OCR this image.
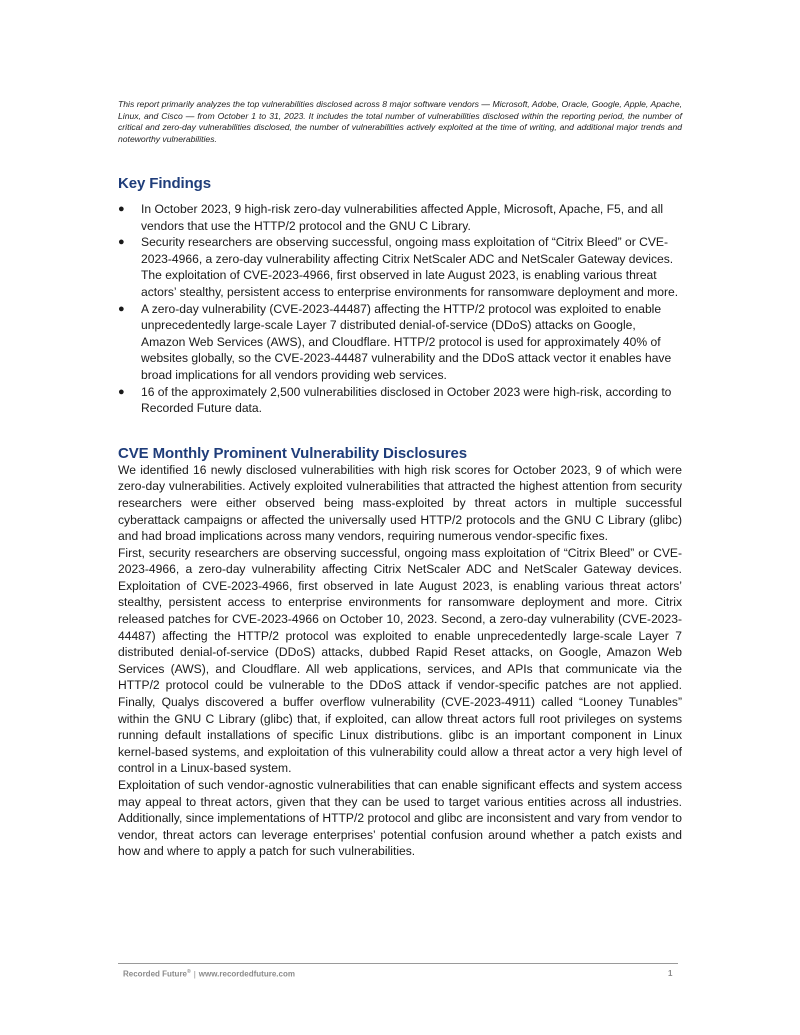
This report primarily analyzes the top vulnerabilities disclosed across 8 major software vendors — Microsoft, Adobe, Oracle, Google, Apple, Apache, Linux, and Cisco — from October 1 to 31, 2023. It includes the total number of vulnerabilities disclosed within the reporting period, the number of critical and zero-day vulnerabilities disclosed, the number of vulnerabilities actively exploited at the time of writing, and additional major trends and noteworthy vulnerabilities.

Key Findings
● In October 2023, 9 high-risk zero-day vulnerabilities affected Apple, Microsoft, Apache, F5, and all vendors that use the HTTP/2 protocol and the GNU C Library.
● Security researchers are observing successful, ongoing mass exploitation of “Citrix Bleed” or CVE-2023-4966, a zero-day vulnerability affecting Citrix NetScaler ADC and NetScaler Gateway devices. The exploitation of CVE-2023-4966, first observed in late August 2023, is enabling various threat actors’ stealthy, persistent access to enterprise environments for ransomware deployment and more.
● A zero-day vulnerability (CVE-2023-44487) affecting the HTTP/2 protocol was exploited to enable unprecedentedly large-scale Layer 7 distributed denial-of-service (DDoS) attacks on Google, Amazon Web Services (AWS), and Cloudflare. HTTP/2 protocol is used for approximately 40% of websites globally, so the CVE-2023-44487 vulnerability and the DDoS attack vector it enables have broad implications for all vendors providing web services.
● 16 of the approximately 2,500 vulnerabilities disclosed in October 2023 were high-risk, according to Recorded Future data.
CVE Monthly Prominent Vulnerability Disclosures

We identified 16 newly disclosed vulnerabilities with high risk scores for October 2023, 9 of which were zero-day vulnerabilities. Actively exploited vulnerabilities that attracted the highest attention from security researchers were either observed being mass-exploited by threat actors in multiple successful cyberattack campaigns or affected the universally used HTTP/2 protocols and the GNU C Library (glibc) and had broad implications across many vendors, requiring numerous vendor-specific fixes.

First, security researchers are observing successful, ongoing mass exploitation of “Citrix Bleed” or CVE-2023-4966, a zero-day vulnerability affecting Citrix NetScaler ADC and NetScaler Gateway devices. Exploitation of CVE-2023-4966, first observed in late August 2023, is enabling various threat actors’ stealthy, persistent access to enterprise environments for ransomware deployment and more. Citrix released patches for CVE-2023-4966 on October 10, 2023. Second, a zero-day vulnerability (CVE-2023-44487) affecting the HTTP/2 protocol was exploited to enable unprecedentedly large-scale Layer 7 distributed denial-of-service (DDoS) attacks, dubbed Rapid Reset attacks, on Google, Amazon Web Services (AWS), and Cloudflare. All web applications, services, and APIs that communicate via the HTTP/2 protocol could be vulnerable to the DDoS attack if vendor-specific patches are not applied. Finally, Qualys discovered a buffer overflow vulnerability (CVE-2023-4911) called “Looney Tunables” within the GNU C Library (glibc) that, if exploited, can allow threat actors full root privileges on systems running default installations of specific Linux distributions. glibc is an important component in Linux kernel-based systems, and exploitation of this vulnerability could allow a threat actor a very high level of control in a Linux-based system.

Exploitation of such vendor-agnostic vulnerabilities that can enable significant effects and system access may appeal to threat actors, given that they can be used to target various entities across all industries. Additionally, since implementations of HTTP/2 protocol and glibc are inconsistent and vary from vendor to vendor, threat actors can leverage enterprises’ potential confusion around whether a patch exists and how and where to apply a patch for such vulnerabilities.

Recorded Future® | www.recordedfuture.com	1
